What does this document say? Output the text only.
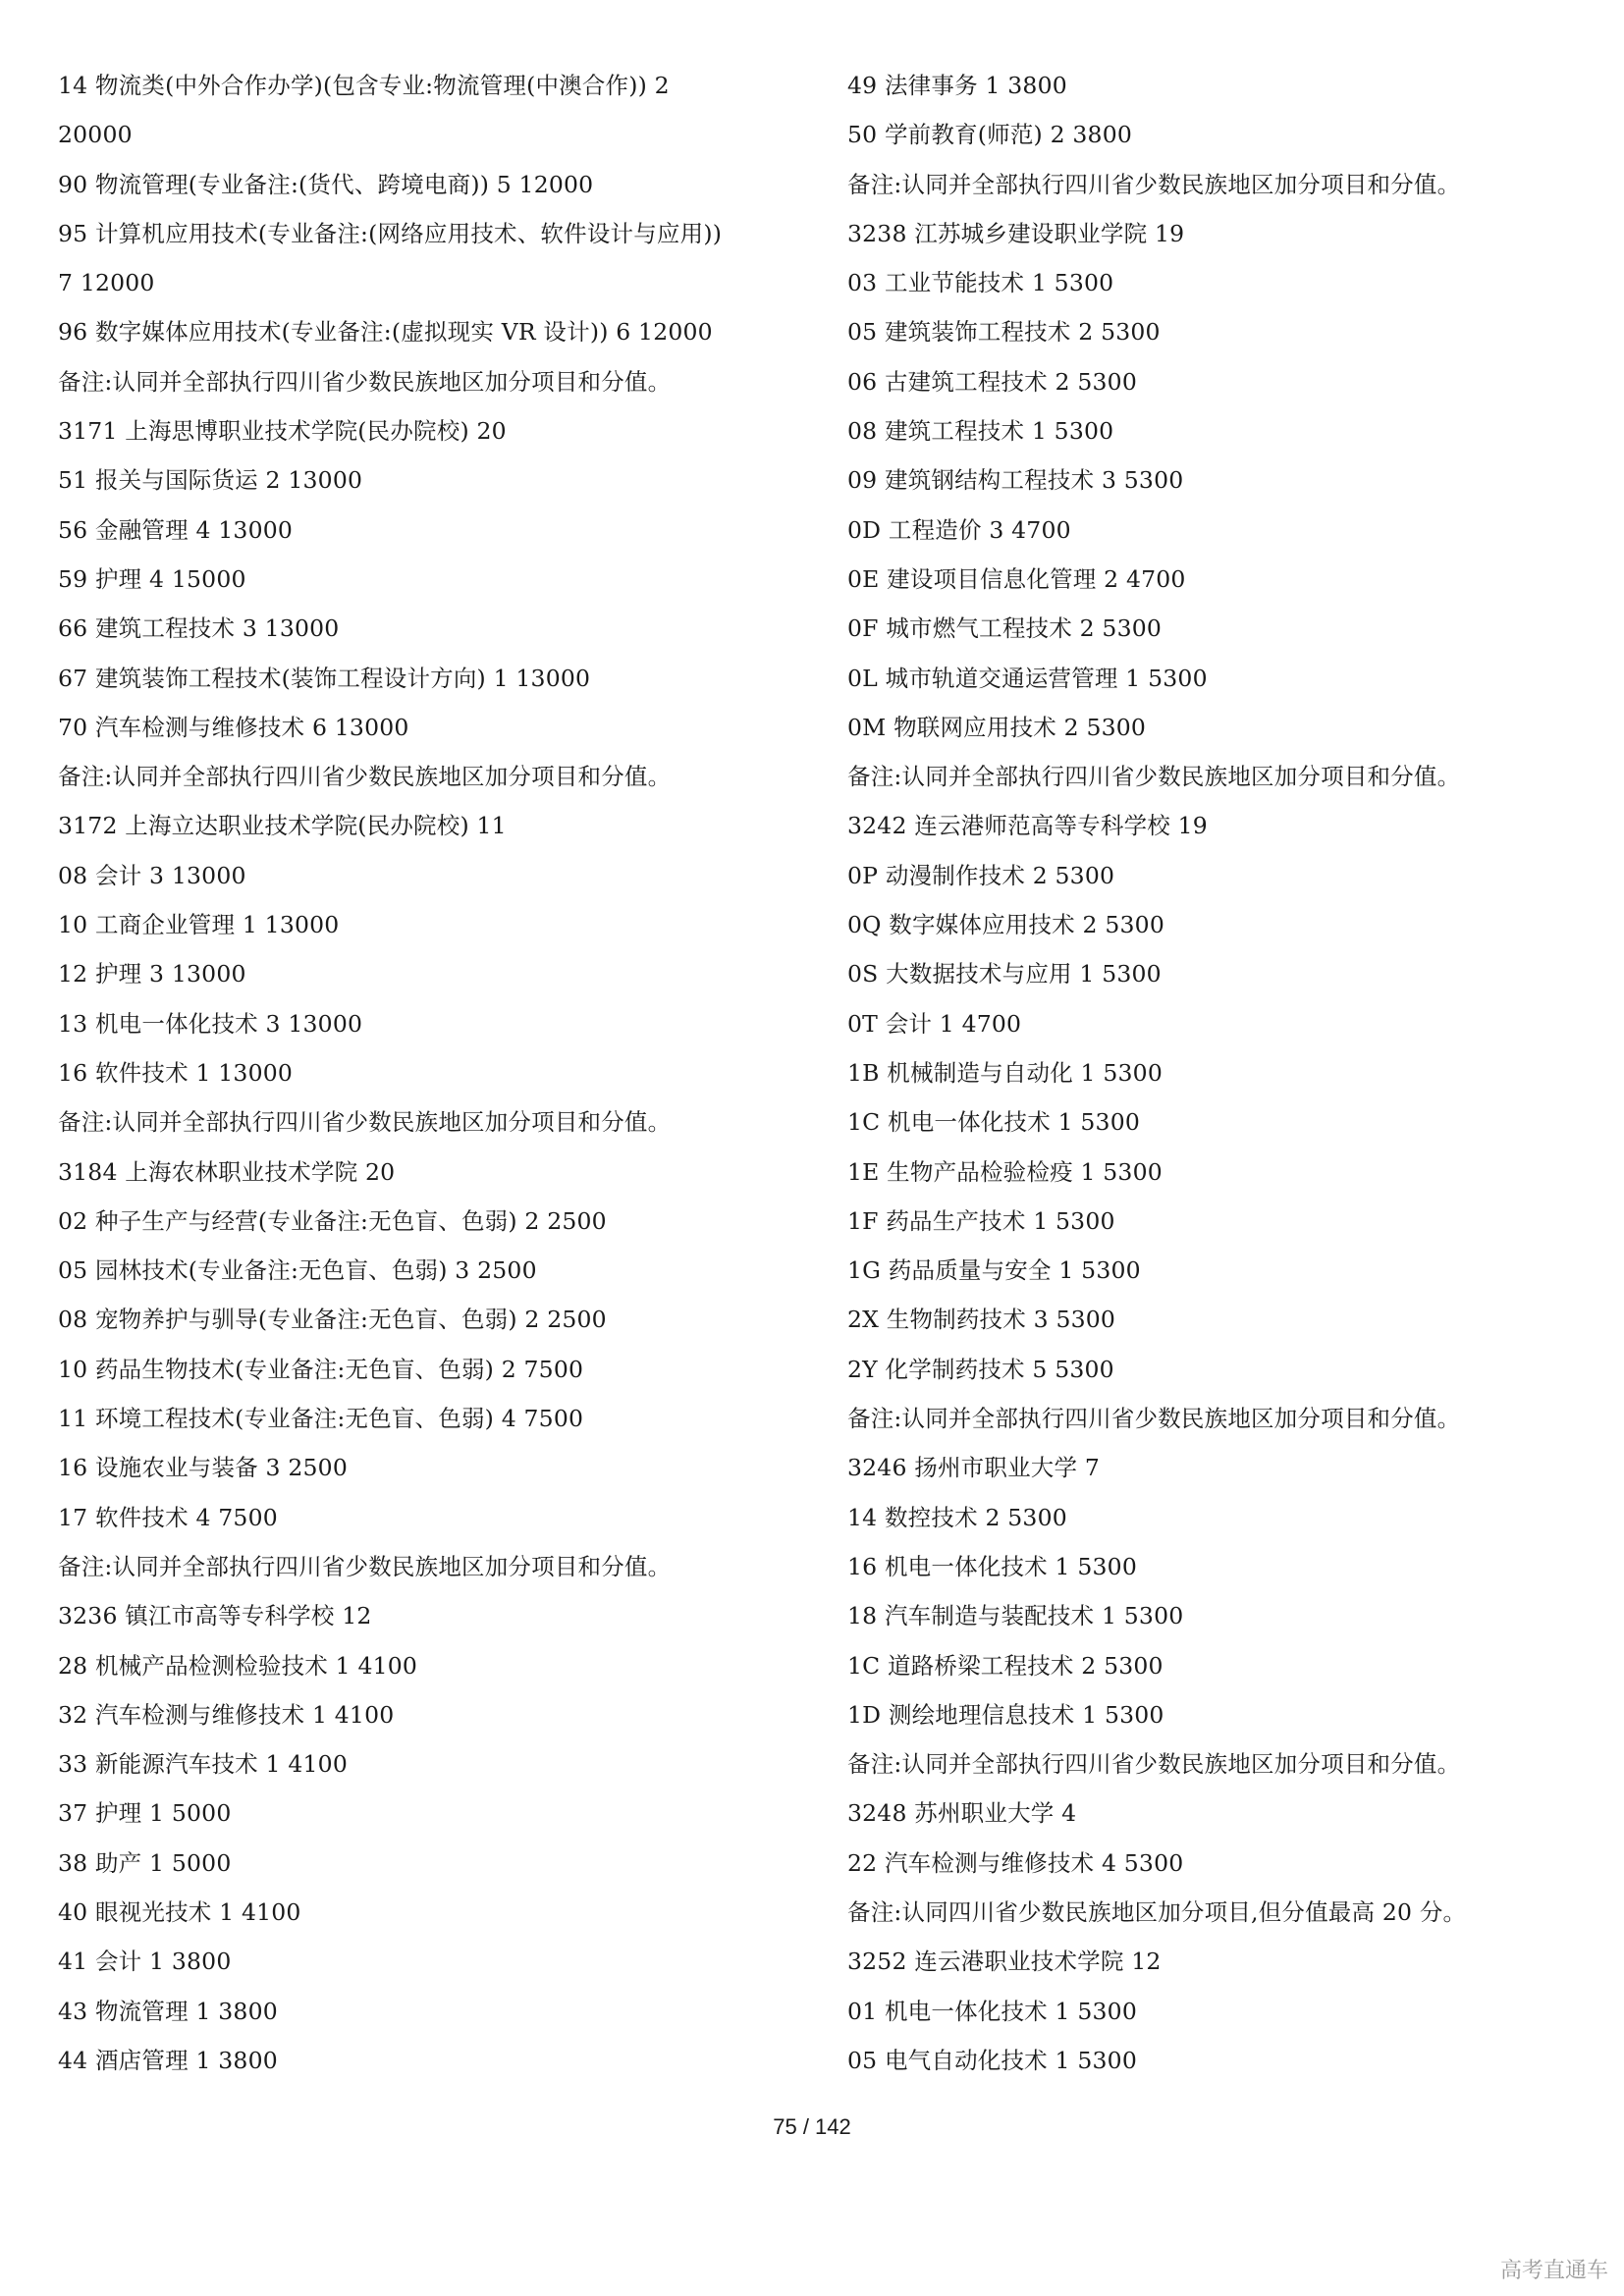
14 物流类(中外合作办学)(包含专业:物流管理(中澳合作)) 2
20000
90 物流管理(专业备注:(货代、跨境电商)) 5 12000
95 计算机应用技术(专业备注:(网络应用技术、软件设计与应用))
7 12000
96 数字媒体应用技术(专业备注:(虚拟现实 VR 设计)) 6 12000
备注:认同并全部执行四川省少数民族地区加分项目和分值。
3171 上海思博职业技术学院(民办院校) 20
51 报关与国际货运 2 13000
56 金融管理 4 13000
59 护理 4 15000
66 建筑工程技术 3 13000
67 建筑装饰工程技术(装饰工程设计方向) 1 13000
70 汽车检测与维修技术 6 13000
备注:认同并全部执行四川省少数民族地区加分项目和分值。
3172 上海立达职业技术学院(民办院校) 11
08 会计 3 13000
10 工商企业管理 1 13000
12 护理 3 13000
13 机电一体化技术 3 13000
16 软件技术 1 13000
备注:认同并全部执行四川省少数民族地区加分项目和分值。
3184 上海农林职业技术学院 20
02 种子生产与经营(专业备注:无色盲、色弱) 2 2500
05 园林技术(专业备注:无色盲、色弱) 3 2500
08 宠物养护与驯导(专业备注:无色盲、色弱) 2 2500
10 药品生物技术(专业备注:无色盲、色弱) 2 7500
11 环境工程技术(专业备注:无色盲、色弱) 4 7500
16 设施农业与装备 3 2500
17 软件技术 4 7500
备注:认同并全部执行四川省少数民族地区加分项目和分值。
3236 镇江市高等专科学校 12
28 机械产品检测检验技术 1 4100
32 汽车检测与维修技术 1 4100
33 新能源汽车技术 1 4100
37 护理 1 5000
38 助产 1 5000
40 眼视光技术 1 4100
41 会计 1 3800
43 物流管理 1 3800
44 酒店管理 1 3800
49 法律事务 1 3800
50 学前教育(师范) 2 3800
备注:认同并全部执行四川省少数民族地区加分项目和分值。
3238 江苏城乡建设职业学院 19
03 工业节能技术 1 5300
05 建筑装饰工程技术 2 5300
06 古建筑工程技术 2 5300
08 建筑工程技术 1 5300
09 建筑钢结构工程技术 3 5300
0D 工程造价 3 4700
0E 建设项目信息化管理 2 4700
0F 城市燃气工程技术 2 5300
0L 城市轨道交通运营管理 1 5300
0M 物联网应用技术 2 5300
备注:认同并全部执行四川省少数民族地区加分项目和分值。
3242 连云港师范高等专科学校 19
0P 动漫制作技术 2 5300
0Q 数字媒体应用技术 2 5300
0S 大数据技术与应用 1 5300
0T 会计 1 4700
1B 机械制造与自动化 1 5300
1C 机电一体化技术 1 5300
1E 生物产品检验检疫 1 5300
1F 药品生产技术 1 5300
1G 药品质量与安全 1 5300
2X 生物制药技术 3 5300
2Y 化学制药技术 5 5300
备注:认同并全部执行四川省少数民族地区加分项目和分值。
3246 扬州市职业大学 7
14 数控技术 2 5300
16 机电一体化技术 1 5300
18 汽车制造与装配技术 1 5300
1C 道路桥梁工程技术 2 5300
1D 测绘地理信息技术 1 5300
备注:认同并全部执行四川省少数民族地区加分项目和分值。
3248 苏州职业大学 4
22 汽车检测与维修技术 4 5300
备注:认同四川省少数民族地区加分项目,但分值最高 20 分。
3252 连云港职业技术学院 12
01 机电一体化技术 1 5300
05 电气自动化技术 1 5300
75 / 142
高考直通车
